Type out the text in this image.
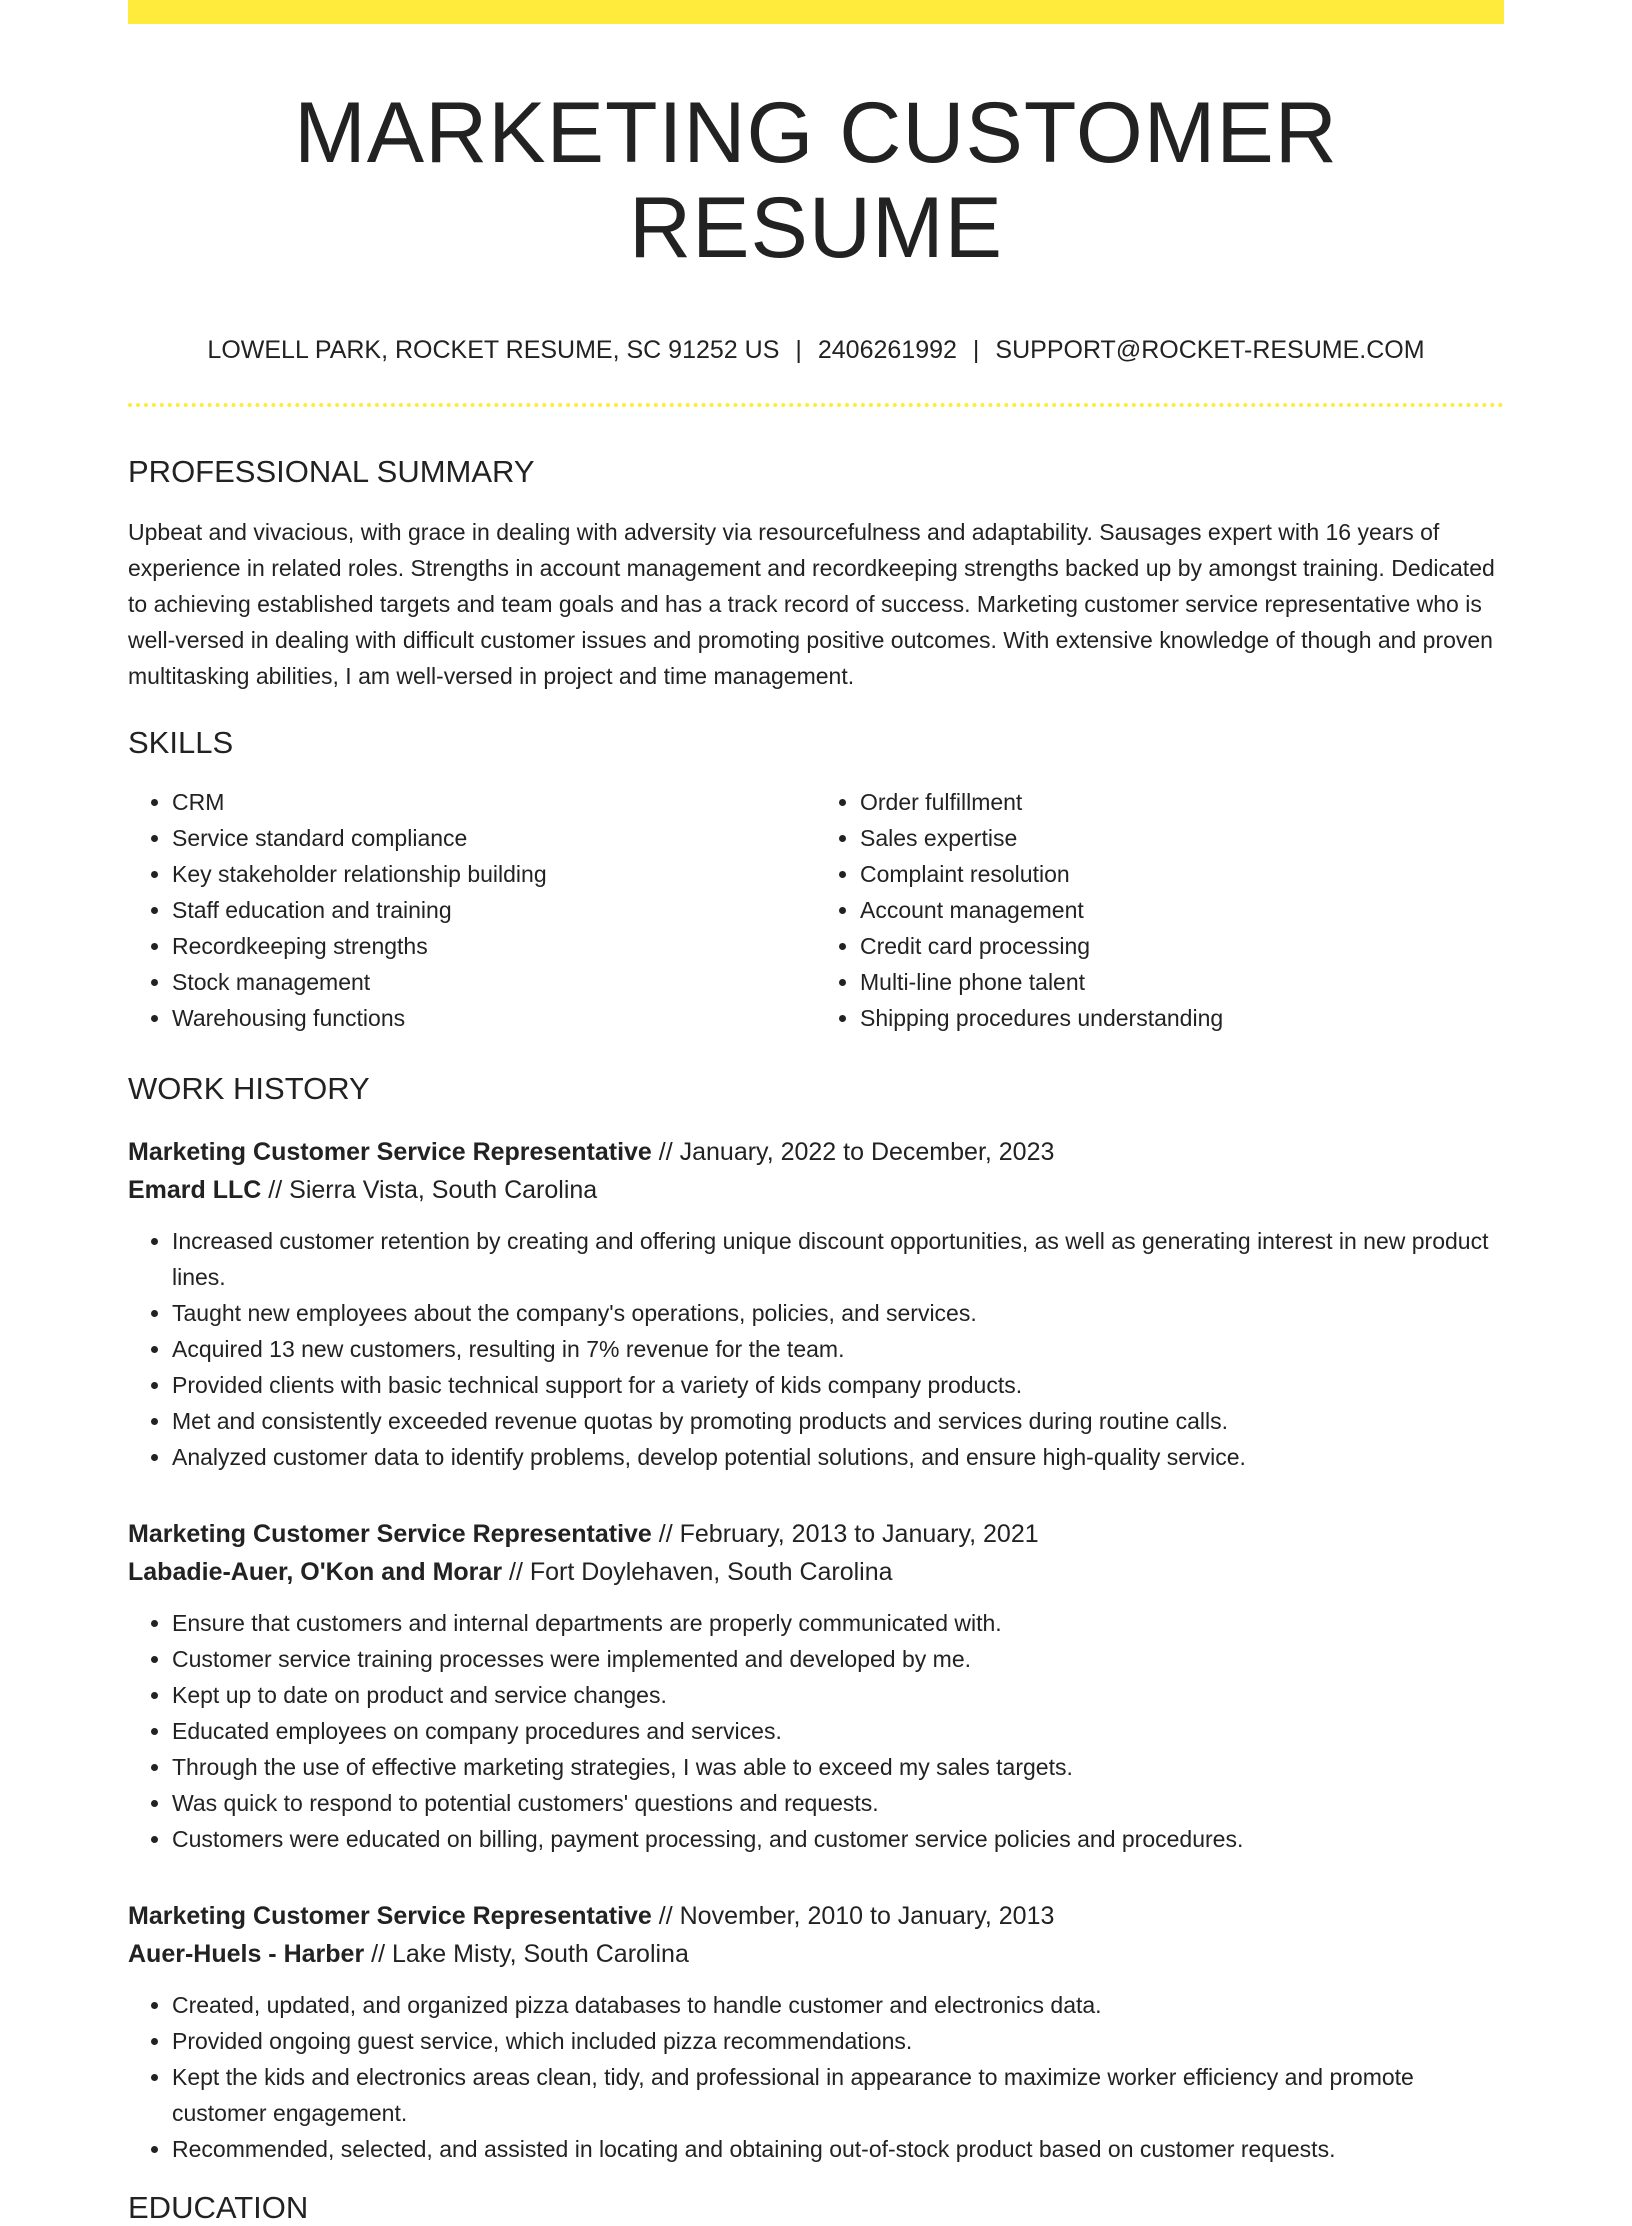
MARKETING CUSTOMER RESUME
LOWELL PARK, ROCKET RESUME, SC 91252 US | 2406261992 | SUPPORT@ROCKET-RESUME.COM
PROFESSIONAL SUMMARY
Upbeat and vivacious, with grace in dealing with adversity via resourcefulness and adaptability. Sausages expert with 16 years of experience in related roles. Strengths in account management and recordkeeping strengths backed up by amongst training. Dedicated to achieving established targets and team goals and has a track record of success. Marketing customer service representative who is well-versed in dealing with difficult customer issues and promoting positive outcomes. With extensive knowledge of though and proven multitasking abilities, I am well-versed in project and time management.
SKILLS
• CRM
• Service standard compliance
• Key stakeholder relationship building
• Staff education and training
• Recordkeeping strengths
• Stock management
• Warehousing functions
• Order fulfillment
• Sales expertise
• Complaint resolution
• Account management
• Credit card processing
• Multi-line phone talent
• Shipping procedures understanding
WORK HISTORY
Marketing Customer Service Representative // January, 2022 to December, 2023
Emard LLC // Sierra Vista, South Carolina
• Increased customer retention by creating and offering unique discount opportunities, as well as generating interest in new product lines.
• Taught new employees about the company's operations, policies, and services.
• Acquired 13 new customers, resulting in 7% revenue for the team.
• Provided clients with basic technical support for a variety of kids company products.
• Met and consistently exceeded revenue quotas by promoting products and services during routine calls.
• Analyzed customer data to identify problems, develop potential solutions, and ensure high-quality service.
Marketing Customer Service Representative // February, 2013 to January, 2021
Labadie-Auer, O'Kon and Morar // Fort Doylehaven, South Carolina
• Ensure that customers and internal departments are properly communicated with.
• Customer service training processes were implemented and developed by me.
• Kept up to date on product and service changes.
• Educated employees on company procedures and services.
• Through the use of effective marketing strategies, I was able to exceed my sales targets.
• Was quick to respond to potential customers' questions and requests.
• Customers were educated on billing, payment processing, and customer service policies and procedures.
Marketing Customer Service Representative // November, 2010 to January, 2013
Auer-Huels - Harber // Lake Misty, South Carolina
• Created, updated, and organized pizza databases to handle customer and electronics data.
• Provided ongoing guest service, which included pizza recommendations.
• Kept the kids and electronics areas clean, tidy, and professional in appearance to maximize worker efficiency and promote customer engagement.
• Recommended, selected, and assisted in locating and obtaining out-of-stock product based on customer requests.
EDUCATION
